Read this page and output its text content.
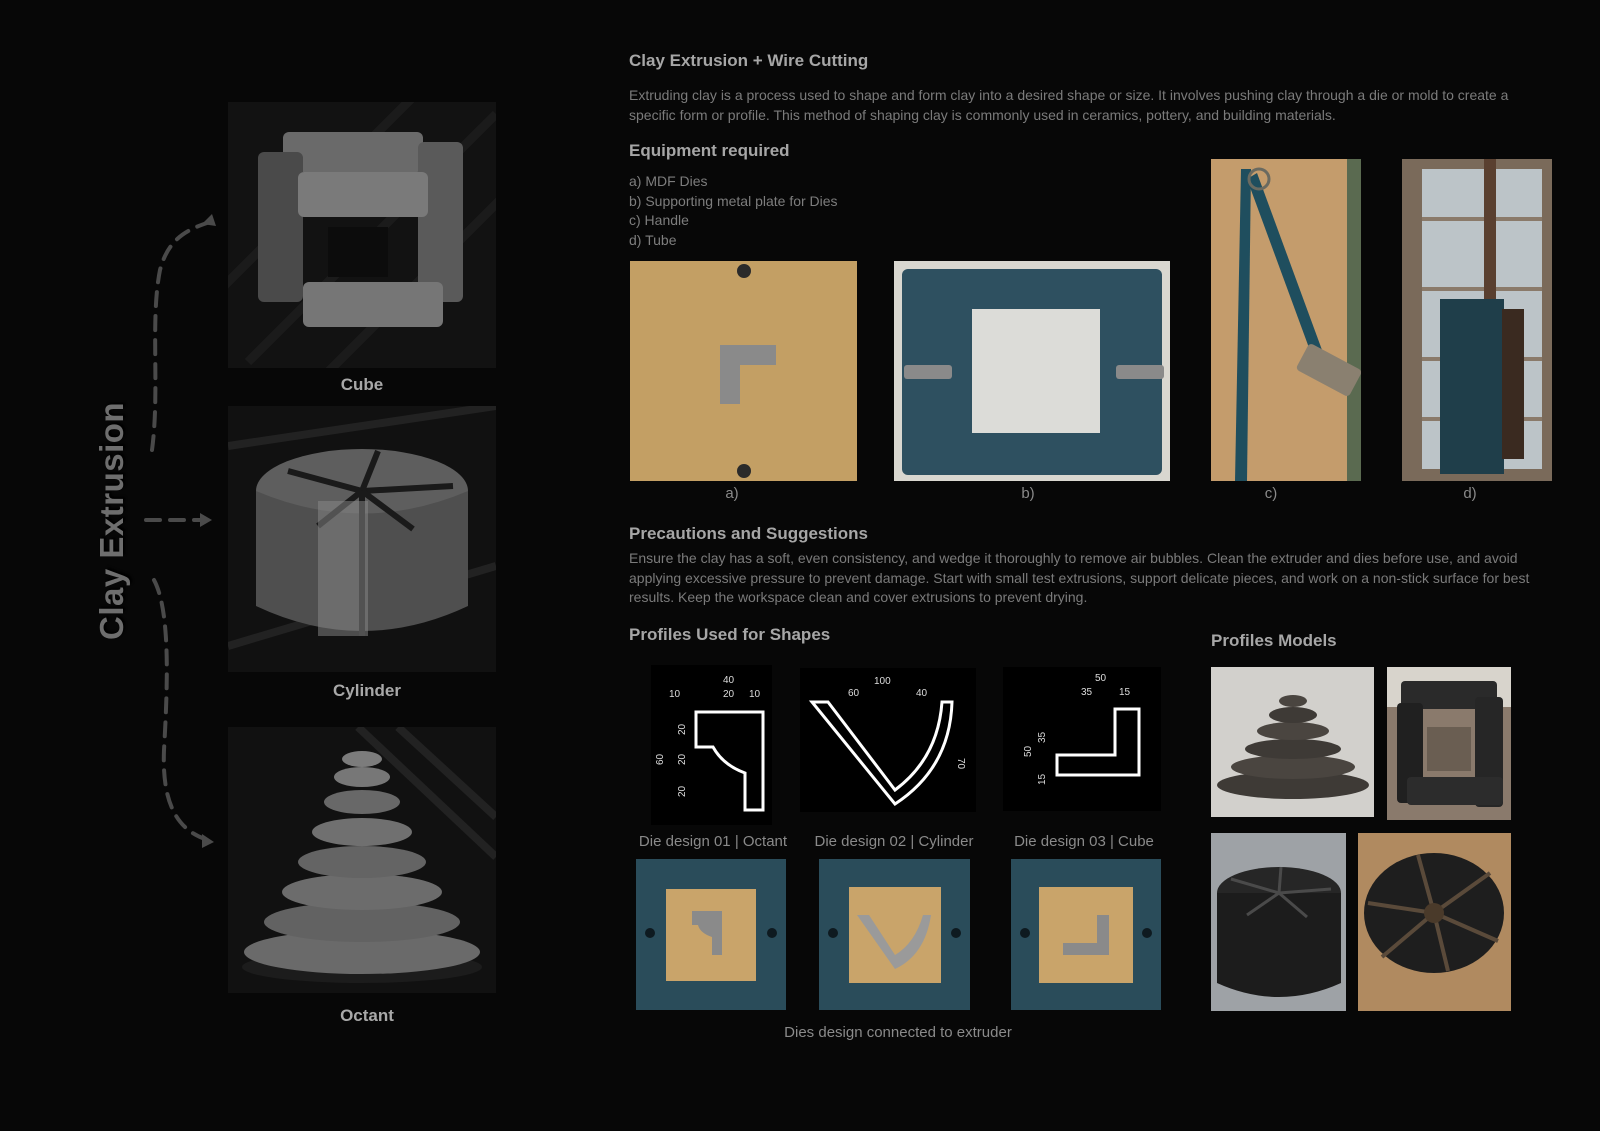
Clay Extrusion
Cube
Cylinder
Octant
Clay Extrusion + Wire Cutting
Extruding clay is a process used to shape and form clay into a desired shape or size. It involves pushing clay through a die or mold to create a specific form or profile. This method of shaping clay is commonly used in ceramics, pottery, and building materials.
Equipment required
a) MDF Dies
b) Supporting metal plate for Dies
c) Handle
d) Tube
a)	b)	c)	d)
Precautions and Suggestions
Ensure the clay has a soft, even consistency, and wedge it thoroughly to remove air bubbles. Clean the extruder and dies before use, and avoid applying excessive pressure to prevent damage. Start with small test extrusions, support delicate pieces, and work on a non-stick surface for best results. Keep the workspace clean and cover extrusions to prevent drying.
Profiles Used for Shapes	Profiles Models
40
10	20 10
20
60 20
20
Die design 01 | Octant
100
60	40
70
Die design 02 | Cylinder
50
35	15
50
35
15
Die design 03 | Cube
Dies design connected to extruder
